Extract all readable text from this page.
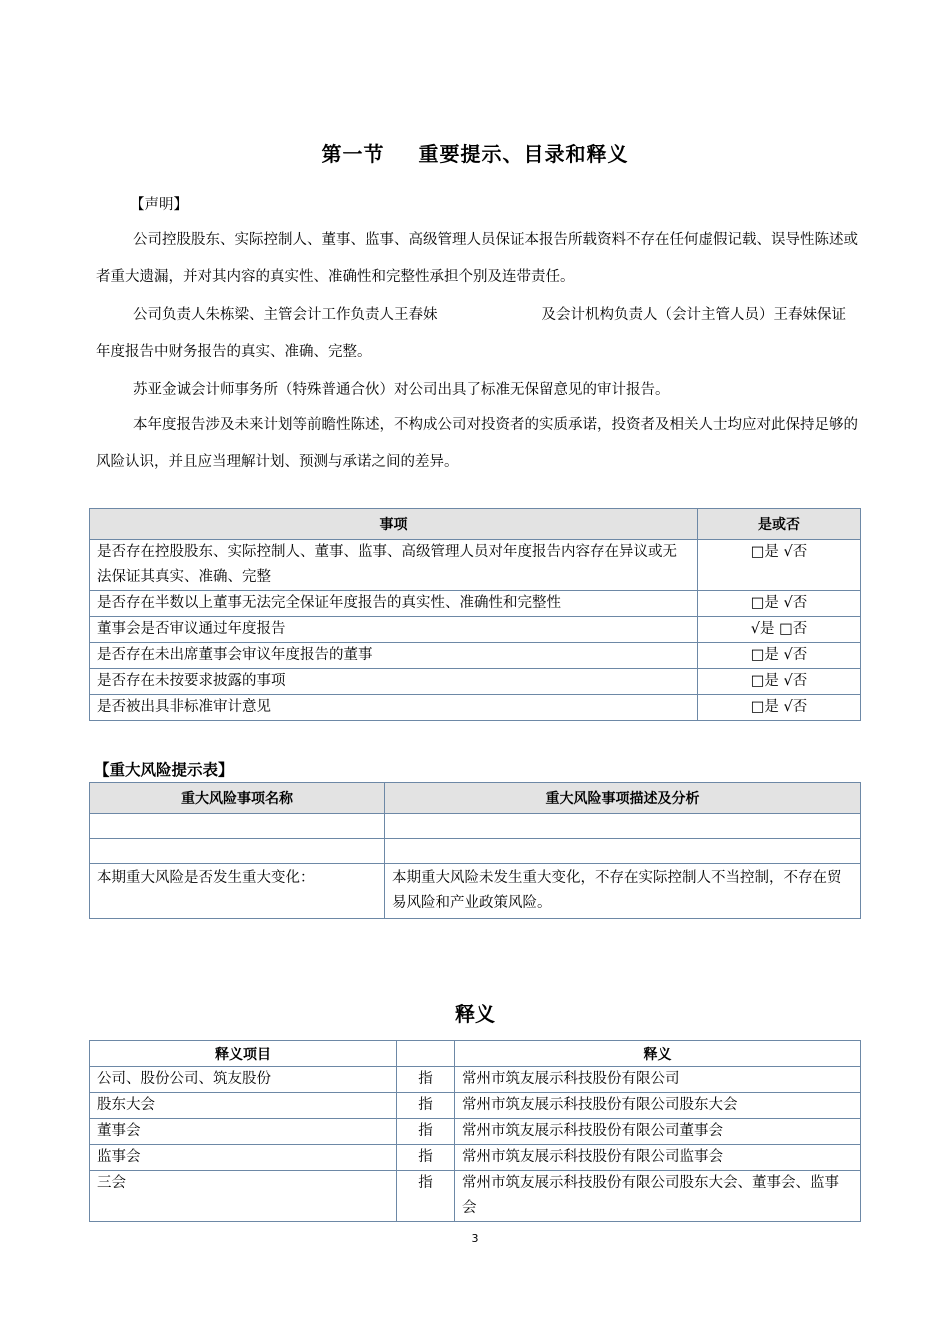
第一节 重要提示、目录和释义
【声明】

公司控股股东、实际控制人、董事、监事、高级管理人员保证本报告所载资料不存在任何虚假记载、误导性陈述或者重大遗漏，并对其内容的真实性、准确性和完整性承担个别及连带责任。

公司负责人朱栋梁、主管会计工作负责人王春妹	及会计机构负责人（会计主管人员）王春妹保证年度报告中财务报告的真实、准确、完整。

苏亚金诚会计师事务所（特殊普通合伙）对公司出具了标准无保留意见的审计报告。

本年度报告涉及未来计划等前瞻性陈述，不构成公司对投资者的实质承诺，投资者及相关人士均应对此保持足够的风险认识，并且应当理解计划、预测与承诺之间的差异。

事项	是或否
是否存在控股股东、实际控制人、董事、监事、高级管理人员对年度报告内容存在异议或无法保证其真实、准确、完整	□是 √否
是否存在半数以上董事无法完全保证年度报告的真实性、准确性和完整性	□是 √否
董事会是否审议通过年度报告	√是 □否
是否存在未出席董事会审议年度报告的董事	□是 √否
是否存在未按要求披露的事项	□是 √否
是否被出具非标准审计意见	□是 √否
【重大风险提示表】
重大风险事项名称	重大风险事项描述及分析

本期重大风险是否发生重大变化：	本期重大风险未发生重大变化，不存在实际控制人不当控制，不存在贸易风险和产业政策风险。
释义
释义项目		释义
公司、股份公司、筑友股份	指	常州市筑友展示科技股份有限公司
股东大会	指	常州市筑友展示科技股份有限公司股东大会
董事会	指	常州市筑友展示科技股份有限公司董事会
监事会	指	常州市筑友展示科技股份有限公司监事会
三会	指	常州市筑友展示科技股份有限公司股东大会、董事会、监事会
3
